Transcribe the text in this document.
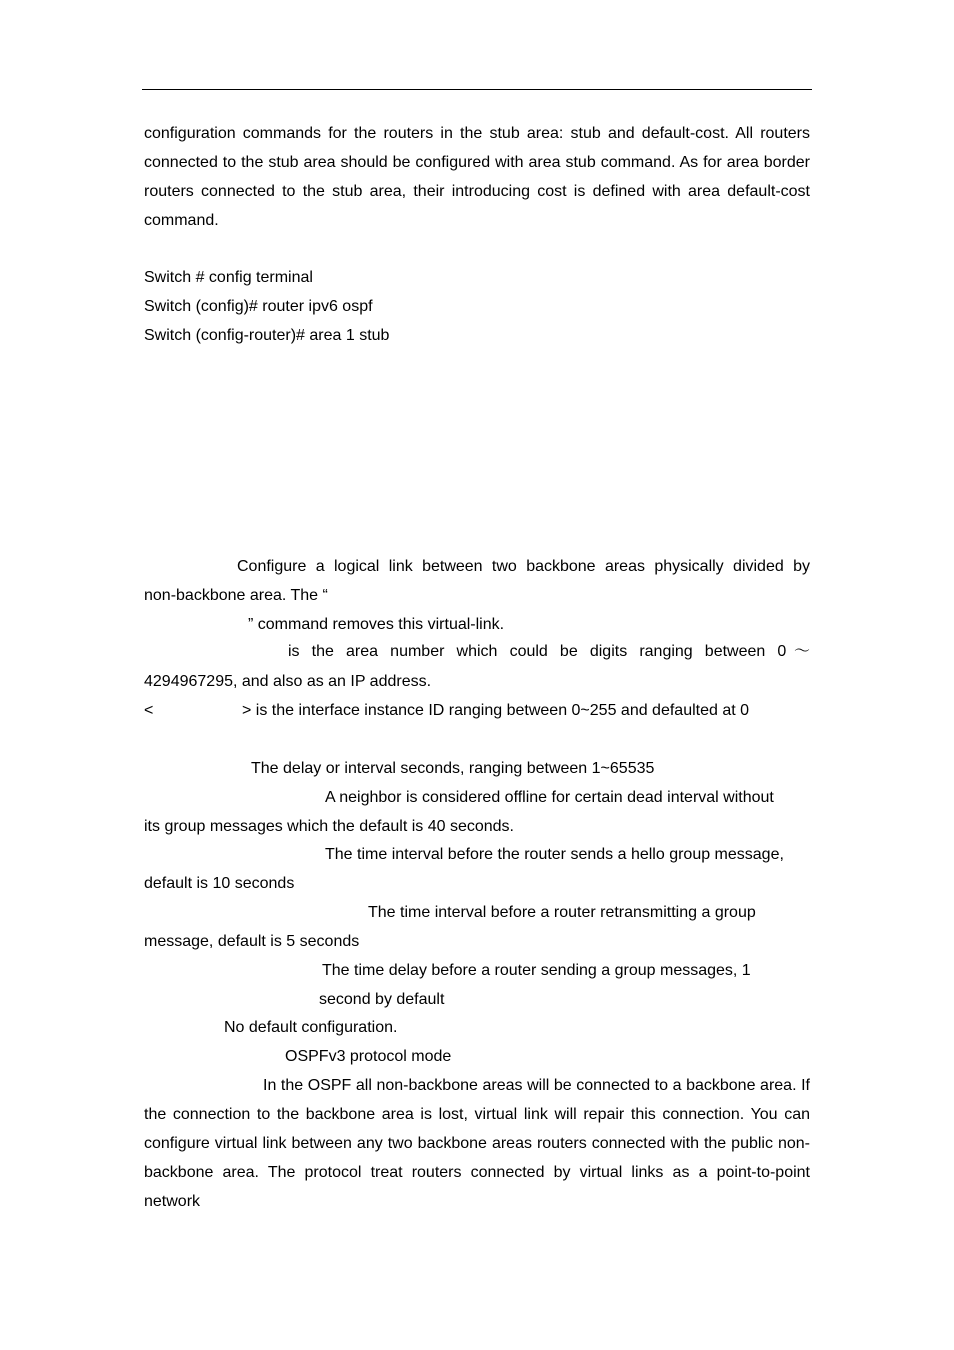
configuration commands for the routers in the stub area: stub and default-cost. All routers connected to the stub area should be configured with area stub command. As for area border routers connected to the stub area, their introducing cost is defined with area default-cost command.

Switch # config terminal

Switch (config)# router ipv6 ospf

Switch (config-router)# area 1 stub

Configure a logical link between two backbone areas physically divided by

non-backbone area. The “

” command removes this virtual-link.

is the area number which could be digits ranging between 0～

4294967295, and also as an IP address.

<	> is the interface instance ID ranging between 0~255 and defaulted at 0

The delay or interval seconds, ranging between 1~65535

A neighbor is considered offline for certain dead interval without

its group messages which the default is 40 seconds.

The time interval before the router sends a hello group message,

default is 10 seconds

The time interval before a router retransmitting a group

message, default is 5 seconds

The time delay before a router sending a group messages, 1

second by default

No default configuration.

OSPFv3 protocol mode

In the OSPF all non-backbone areas will be connected to a backbone area. If the connection to the backbone area is lost, virtual link will repair this connection. You can configure virtual link between any two backbone areas routers connected with the public non-backbone area. The protocol treat routers connected by virtual links as a point-to-point network
